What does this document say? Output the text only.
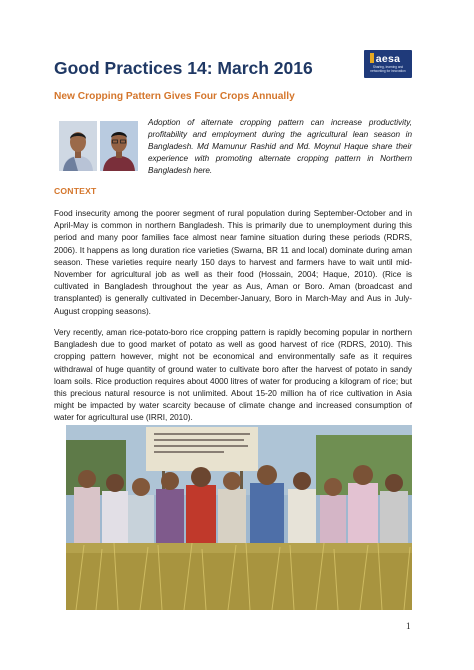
Good Practices 14: March 2016	aesa
Sharing, learning and networking for innovation
New Cropping Pattern Gives Four Crops Annually

Adoption of alternate cropping pattern can increase productivity, profitability and employment during the agricultural lean season in Bangladesh. Md Mamunur Rashid and Md. Moynul Haque share their experience with promoting alternate cropping pattern in Northern Bangladesh here.

CONTEXT

Food insecurity among the poorer segment of rural population during September-October and in April-May is common in northern Bangladesh. This is primarily due to unemployment during this period and many poor families face almost near famine situation during these periods (RDRS, 2006). It happens as long duration rice varieties (Swarna, BR 11 and local) dominate during aman season. These varieties require nearly 150 days to harvest and farmers have to wait until mid-November for agricultural job as well as their food (Hossain, 2004; Haque, 2010). (Rice is cultivated in Bangladesh throughout the year as Aus, Aman or Boro. Aman (broadcast and transplanted) is generally cultivated in December-January, Boro in March-May and Aus in July-August cropping seasons).

Very recently, aman rice-potato-boro rice cropping pattern is rapidly becoming popular in northern Bangladesh due to good market of potato as well as good harvest of rice (RDRS, 2010). This cropping pattern however, might not be economical and environmentally safe as it requires withdrawal of huge quantity of ground water to cultivate boro after the harvest of potato in sandy loam soils. Rice production requires about 4000 litres of water for producing a kilogram of rice; but this precious natural resource is not unlimited. About 15-20 million ha of rice cultivation in Asia might be impacted by water scarcity because of climate change and increased consumption of water for agricultural use (IRRI, 2010).

1
